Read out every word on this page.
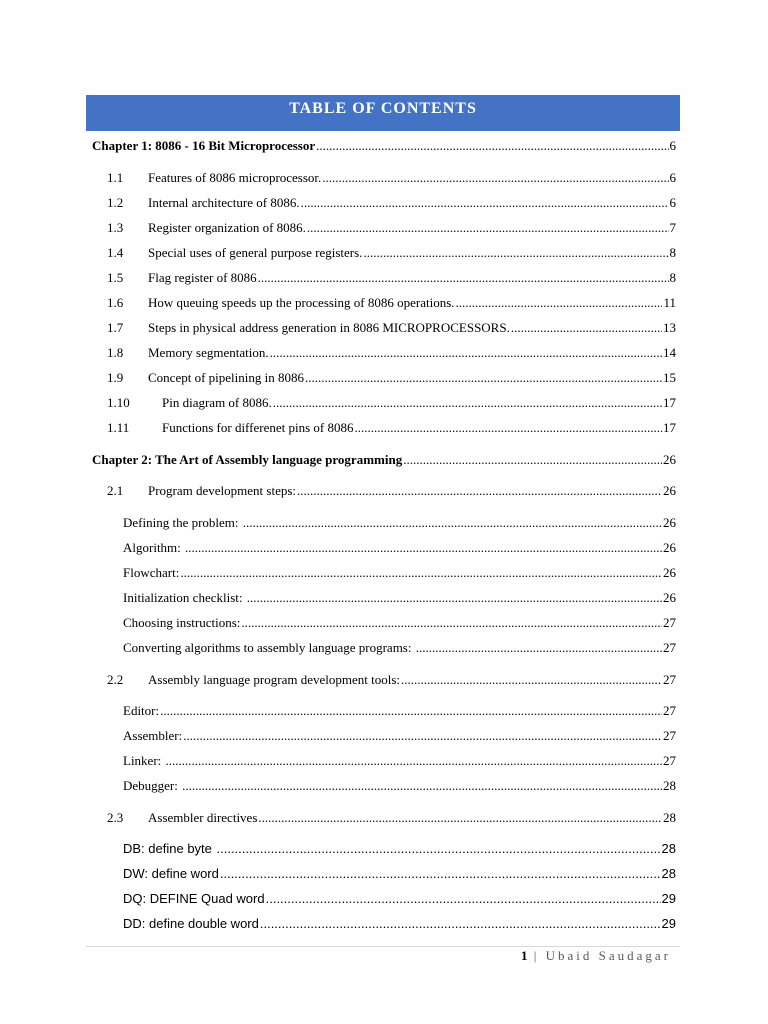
TABLE OF CONTENTS
Chapter 1: 8086 - 16 Bit Microprocessor .....	6
1.1	Features of 8086 microprocessor. .....	6
1.2	Internal architecture of 8086. .....	6
1.3	Register organization of 8086. .....	7
1.4	Special uses of general purpose registers. .....	8
1.5	Flag register of 8086 .....	8
1.6	How queuing speeds up the processing of 8086 operations. .....	11
1.7	Steps in physical address generation in 8086 MICROPROCESSORS. .....	13
1.8	Memory segmentation. .....	14
1.9	Concept of pipelining in 8086 .....	15
1.10	Pin diagram of 8086. .....	17
1.11	Functions for differenet pins of 8086 .....	17
Chapter 2: The Art of Assembly language programming .....	26
2.1	Program development steps: .....	26
Defining the problem: .....	26
Algorithm: .....	26
Flowchart: .....	26
Initialization checklist: .....	26
Choosing instructions: .....	27
Converting algorithms to assembly language programs: .....	27
2.2	Assembly language program development tools: .....	27
Editor: .....	27
Assembler: .....	27
Linker: .....	27
Debugger: .....	28
2.3	Assembler directives .....	28
DB: define byte .....	28
DW: define word .....	28
DQ: DEFINE Quad word .....	29
DD: define double word .....	29
1 | Ubaid Saudagar
